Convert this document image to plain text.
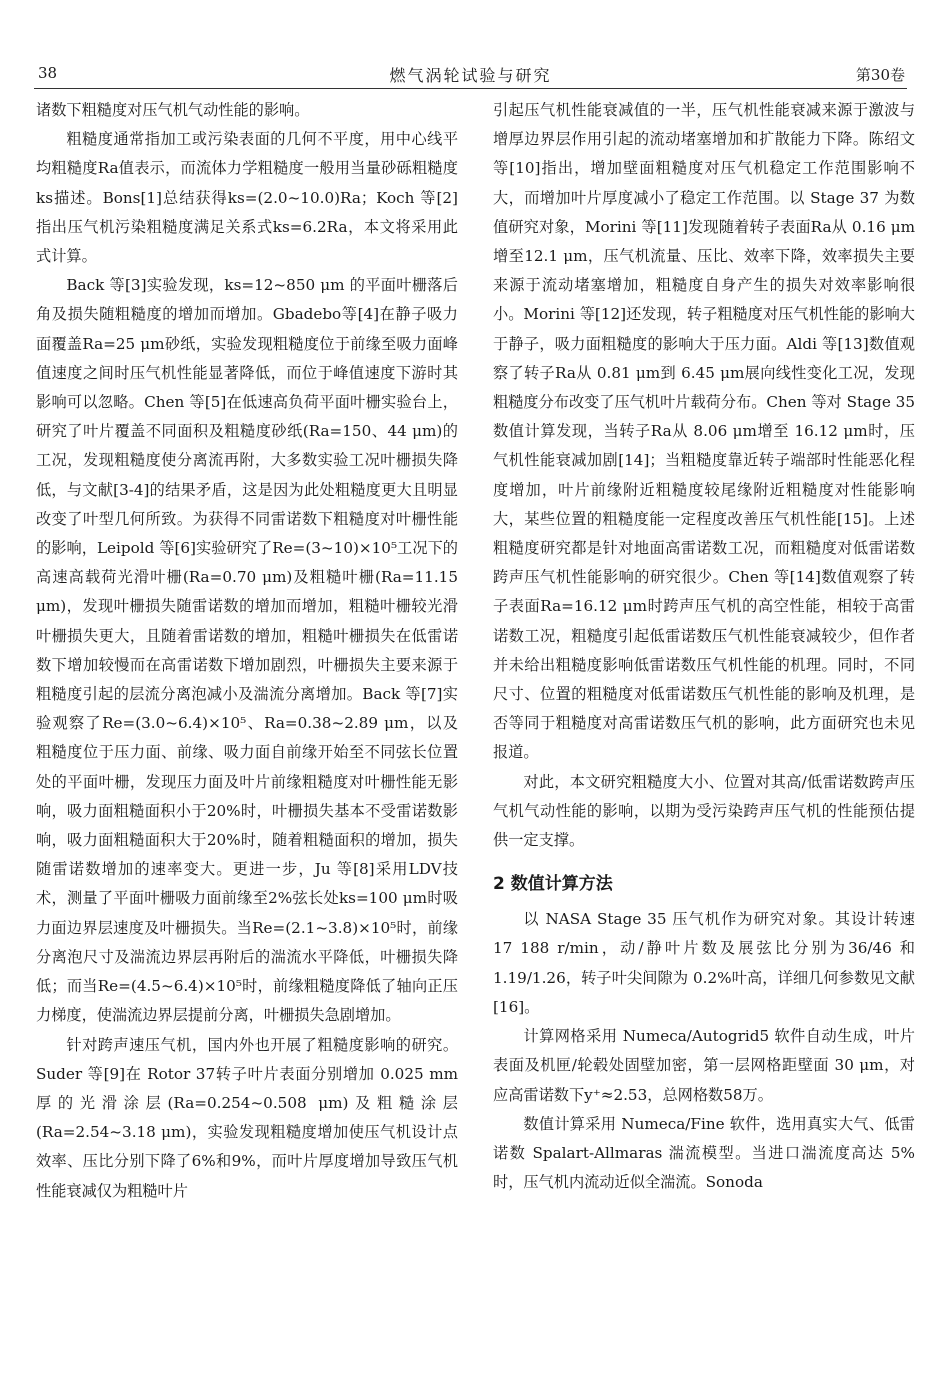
38	燃气涡轮试验与研究	第30卷

诸数下粗糙度对压气机气动性能的影响。

粗糙度通常指加工或污染表面的几何不平度，用中心线平均粗糙度Ra值表示，而流体力学粗糙度一般用当量砂砾粗糙度ks描述。Bons[1]总结获得ks=(2.0~10.0)Ra；Koch 等[2]指出压气机污染粗糙度满足关系式ks=6.2Ra，本文将采用此式计算。

Back 等[3]实验发现，ks=12~850 μm 的平面叶栅落后角及损失随粗糙度的增加而增加。Gbadebo等[4]在静子吸力面覆盖Ra=25 μm砂纸，实验发现粗糙度位于前缘至吸力面峰值速度之间时压气机性能显著降低，而位于峰值速度下游时其影响可以忽略。Chen 等[5]在低速高负荷平面叶栅实验台上，研究了叶片覆盖不同面积及粗糙度砂纸(Ra=150、44 μm)的工况，发现粗糙度使分离流再附，大多数实验工况叶栅损失降低，与文献[3-4]的结果矛盾，这是因为此处粗糙度更大且明显改变了叶型几何所致。为获得不同雷诺数下粗糙度对叶栅性能的影响，Leipold 等[6]实验研究了Re=(3~10)×10⁵工况下的高速高载荷光滑叶栅(Ra=0.70 μm)及粗糙叶栅(Ra=11.15 μm)，发现叶栅损失随雷诺数的增加而增加，粗糙叶栅较光滑叶栅损失更大，且随着雷诺数的增加，粗糙叶栅损失在低雷诺数下增加较慢而在高雷诺数下增加剧烈，叶栅损失主要来源于粗糙度引起的层流分离泡减小及湍流分离增加。Back 等[7]实验观察了Re=(3.0~6.4)×10⁵、Ra=0.38~2.89 μm，以及粗糙度位于压力面、前缘、吸力面自前缘开始至不同弦长位置处的平面叶栅，发现压力面及叶片前缘粗糙度对叶栅性能无影响，吸力面粗糙面积小于20%时，叶栅损失基本不受雷诺数影响，吸力面粗糙面积大于20%时，随着粗糙面积的增加，损失随雷诺数增加的速率变大。更进一步，Ju 等[8]采用LDV技术，测量了平面叶栅吸力面前缘至2%弦长处ks=100 μm时吸力面边界层速度及叶栅损失。当Re=(2.1~3.8)×10⁵时，前缘分离泡尺寸及湍流边界层再附后的湍流水平降低，叶栅损失降低；而当Re=(4.5~6.4)×10⁵时，前缘粗糙度降低了轴向正压力梯度，使湍流边界层提前分离，叶栅损失急剧增加。

针对跨声速压气机，国内外也开展了粗糙度影响的研究。Suder 等[9]在 Rotor 37转子叶片表面分别增加 0.025 mm 厚的光滑涂层(Ra=0.254~0.508 μm)及粗糙涂层(Ra=2.54~3.18 μm)，实验发现粗糙度增加使压气机设计点效率、压比分别下降了6%和9%，而叶片厚度增加导致压气机性能衰减仅为粗糙叶片

引起压气机性能衰减值的一半，压气机性能衰减来源于激波与增厚边界层作用引起的流动堵塞增加和扩散能力下降。陈绍文等[10]指出，增加壁面粗糙度对压气机稳定工作范围影响不大，而增加叶片厚度减小了稳定工作范围。以 Stage 37 为数值研究对象，Morini 等[11]发现随着转子表面Ra从 0.16 μm增至12.1 μm，压气机流量、压比、效率下降，效率损失主要来源于流动堵塞增加，粗糙度自身产生的损失对效率影响很小。Morini 等[12]还发现，转子粗糙度对压气机性能的影响大于静子，吸力面粗糙度的影响大于压力面。Aldi 等[13]数值观察了转子Ra从 0.81 μm到 6.45 μm展向线性变化工况，发现粗糙度分布改变了压气机叶片载荷分布。Chen 等对 Stage 35 数值计算发现，当转子Ra从 8.06 μm增至 16.12 μm时，压气机性能衰减加剧[14]；当粗糙度靠近转子端部时性能恶化程度增加，叶片前缘附近粗糙度较尾缘附近粗糙度对性能影响大，某些位置的粗糙度能一定程度改善压气机性能[15]。上述粗糙度研究都是针对地面高雷诺数工况，而粗糙度对低雷诺数跨声压气机性能影响的研究很少。Chen 等[14]数值观察了转子表面Ra=16.12 μm时跨声压气机的高空性能，相较于高雷诺数工况，粗糙度引起低雷诺数压气机性能衰减较少，但作者并未给出粗糙度影响低雷诺数压气机性能的机理。同时，不同尺寸、位置的粗糙度对低雷诺数压气机性能的影响及机理，是否等同于粗糙度对高雷诺数压气机的影响，此方面研究也未见报道。

对此，本文研究粗糙度大小、位置对其高/低雷诺数跨声压气机气动性能的影响，以期为受污染跨声压气机的性能预估提供一定支撑。

2 数值计算方法

以 NASA Stage 35 压气机作为研究对象。其设计转速 17 188 r/min，动/静叶片数及展弦比分别为36/46 和 1.19/1.26，转子叶尖间隙为 0.2%叶高，详细几何参数见文献[16]。

计算网格采用 Numeca/Autogrid5 软件自动生成，叶片表面及机匣/轮毂处固壁加密，第一层网格距壁面 30 μm，对应高雷诺数下y⁺≈2.53，总网格数58万。

数值计算采用 Numeca/Fine 软件，选用真实大气、低雷诺数 Spalart-Allmaras 湍流模型。当进口湍流度高达 5%时，压气机内流动近似全湍流。Sonoda
